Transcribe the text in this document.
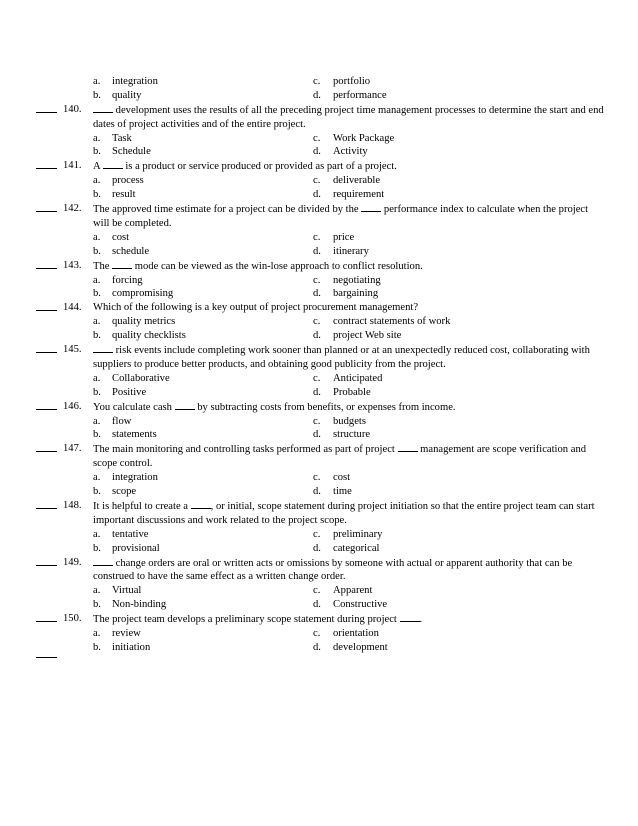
a. integration	c. portfolio
b. quality	d. performance
140.	development uses the results of all the preceding project time management processes to determine the start and end dates of project activities and of the entire project.
a. Task	c. Work Package
b. Schedule	d. Activity
141. A  is a product or service produced or provided as part of a project.
a. process	c. deliverable
b. result	d. requirement
142. The approved time estimate for a project can be divided by the  performance index to calculate when the project will be completed.
a. cost	c. price
b. schedule	d. itinerary
143. The  mode can be viewed as the win-lose approach to conflict resolution.
a. forcing	c. negotiating
b. compromising	d. bargaining
144. Which of the following is a key output of project procurement management?
a. quality metrics	c. contract statements of work
b. quality checklists	d. project Web site
145.	risk events include completing work sooner than planned or at an unexpectedly reduced cost, collaborating with suppliers to produce better products, and obtaining good publicity from the project.
a. Collaborative	c. Anticipated
b. Positive	d. Probable
146. You calculate cash  by subtracting costs from benefits, or expenses from income.
a. flow	c. budgets
b. statements	d. structure
147. The main monitoring and controlling tasks performed as part of project  management are scope verification and scope control.
a. integration	c. cost
b. scope	d. time
148. It is helpful to create a , or initial, scope statement during project initiation so that the entire project team can start important discussions and work related to the project scope.
a. tentative	c. preliminary
b. provisional	d. categorical
149.	change orders are oral or written acts or omissions by someone with actual or apparent authority that can be construed to have the same effect as a written change order.
a. Virtual	c. Apparent
b. Non-binding	d. Constructive
150. The project team develops a preliminary scope statement during project .
a. review	c. orientation
b. initiation	d. development
